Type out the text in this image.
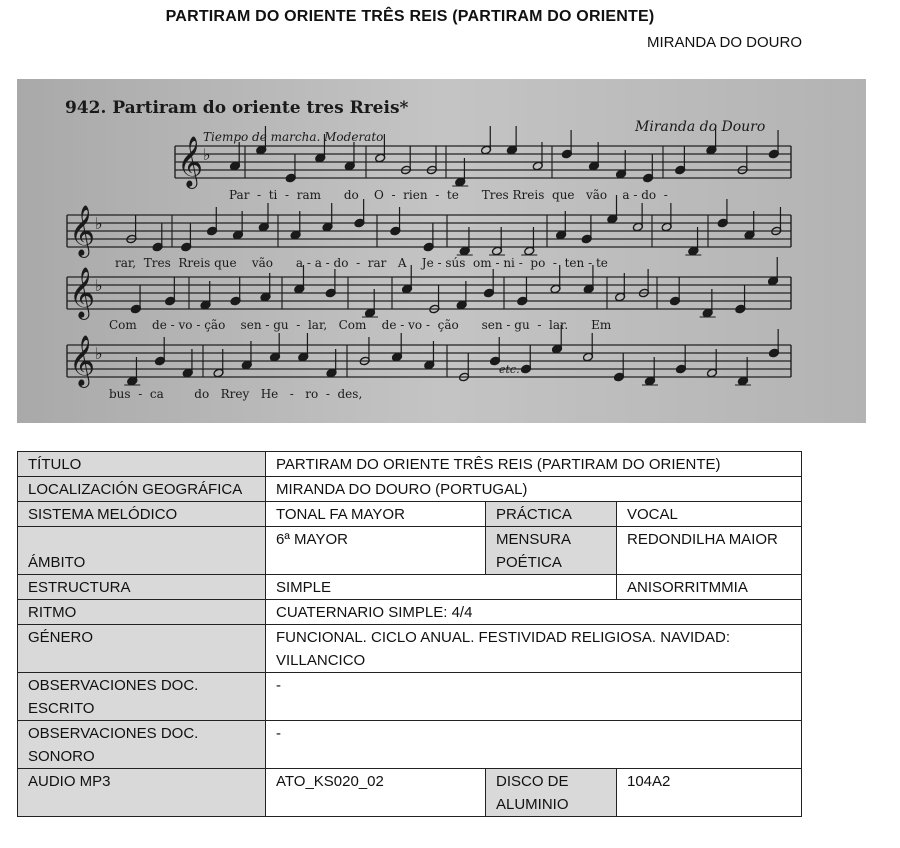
PARTIRAM DO ORIENTE TRÊS REIS (PARTIRAM DO ORIENTE)
MIRANDA DO DOURO
942. Partiram do oriente tres Rreis*
Miranda do Douro
Tiempo de marcha. Moderato
𝄞 ♭
𝄞 ♭
𝄞 ♭
𝄞 ♭
etc.
Par  -  ti  -  ram      do    O  -  rien  -  te      Tres Rreis  que   vão    a - do  -
rar,  Tres  Rreis que    vão      a - a - do  -  rar   A    Je - sús  om - ni -  po  -  ten - te
Com    de - vo - ção    sen - gu  -  lar,   Com    de - vo -  ção      sen - gu  -  lar.      Em
bus  -  ca        do   Rrey   He   -   ro  -  des,
TÍTULO	PARTIRAM DO ORIENTE TRÊS REIS (PARTIRAM DO ORIENTE)		
LOCALIZACIÓN GEOGRÁFICA	MIRANDA DO DOURO (PORTUGAL)		
SISTEMA MELÓDICO	TONAL FA MAYOR	PRÁCTICA	VOCAL
ÁMBITO	6ª MAYOR	MENSURA POÉTICA	REDONDILHA MAIOR
ESTRUCTURA	SIMPLE		ANISORRITMMIA
RITMO	CUATERNARIO SIMPLE: 4/4		
GÉNERO	FUNCIONAL. CICLO ANUAL. FESTIVIDAD RELIGIOSA. NAVIDAD: VILLANCICO		
OBSERVACIONES DOC. ESCRITO	-		
OBSERVACIONES DOC. SONORO	-		
AUDIO MP3	ATO_KS020_02	DISCO DE ALUMINIO	104A2
